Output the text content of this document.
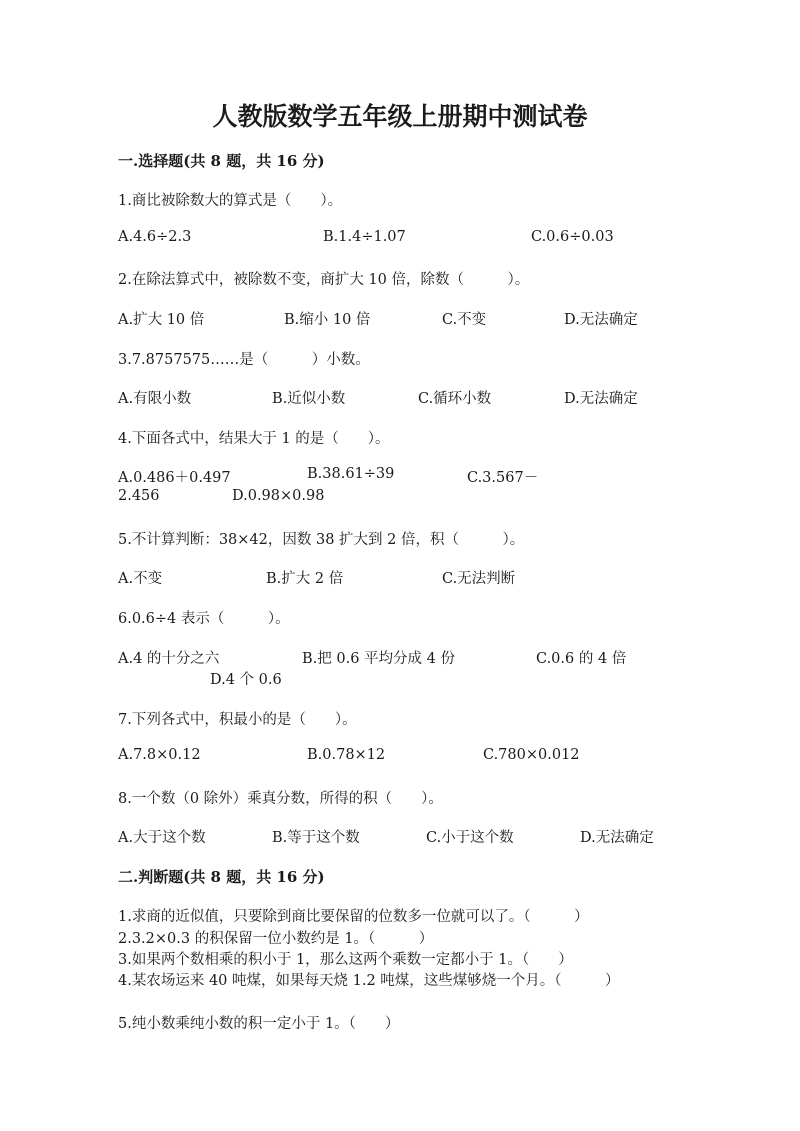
人教版数学五年级上册期中测试卷
一.选择题(共 8 题，共 16 分)
1.商比被除数大的算式是（　　）。
A.4.6÷2.3	B.1.4÷1.07	C.0.6÷0.03
2.在除法算式中，被除数不变，商扩大 10 倍，除数（　　　）。
A.扩大 10 倍	B.缩小 10 倍	C.不变	D.无法确定
3.7.8757575……是（　　　）小数。
A.有限小数	B.近似小数	C.循环小数	D.无法确定
4.下面各式中，结果大于 1 的是（　　）。
A.0.486＋0.497	B.38.61÷39	C.3.567－
2.456	D.0.98×0.98
5.不计算判断：38×42，因数 38 扩大到 2 倍，积（　　　）。
A.不变	B.扩大 2 倍	C.无法判断
6.0.6÷4 表示（　　　）。
A.4 的十分之六	B.把 0.6 平均分成 4 份	C.0.6 的 4 倍
D.4 个 0.6
7.下列各式中，积最小的是（　　）。
A.7.8×0.12	B.0.78×12	C.780×0.012
8.一个数（0 除外）乘真分数，所得的积（　　）。
A.大于这个数	B.等于这个数	C.小于这个数	D.无法确定
二.判断题(共 8 题，共 16 分)
1.求商的近似值，只要除到商比要保留的位数多一位就可以了。（　　　）
2.3.2×0.3 的积保留一位小数约是 1。（　　　）
3.如果两个数相乘的积小于 1，那么这两个乘数一定都小于 1。（　　）
4.某农场运来 40 吨煤，如果每天烧 1.2 吨煤，这些煤够烧一个月。（　　　）
5.纯小数乘纯小数的积一定小于 1。（　　）
